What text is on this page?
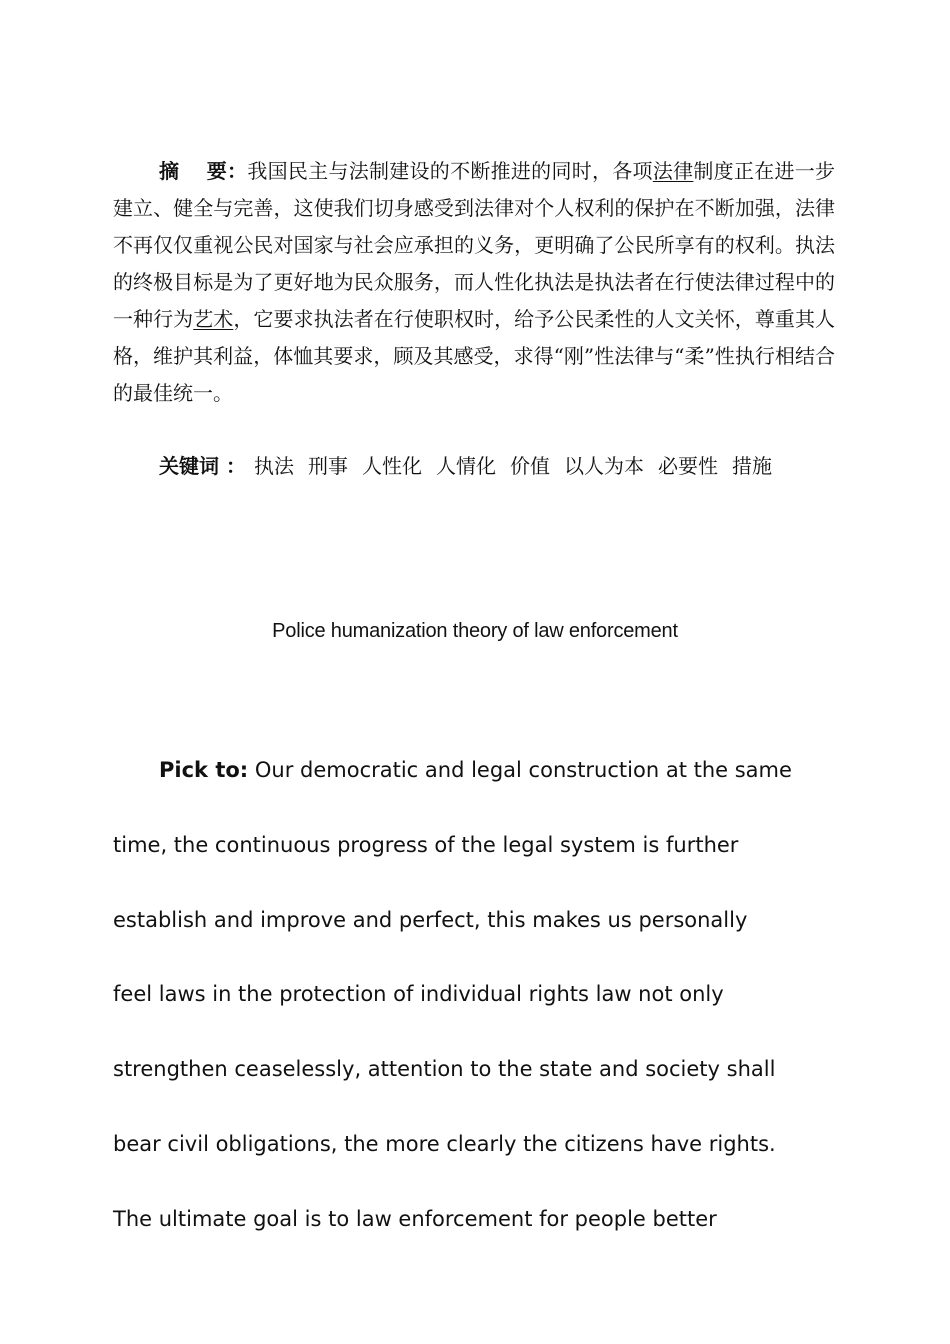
摘　 要：我国民主与法制建设的不断推进的同时，各项法律制度正在进一步建立、健全与完善，这使我们切身感受到法律对个人权利的保护在不断加强，法律不再仅仅重视公民对国家与社会应承担的义务，更明确了公民所享有的权利。执法的终极目标是为了更好地为民众服务，而人性化执法是执法者在行使法律过程中的一种行为艺术，它要求执法者在行使职权时，给予公民柔性的人文关怀，尊重其人格，维护其利益，体恤其要求，顾及其感受，求得“刚”性法律与“柔”性执行相结合的最佳统一。

关键词 ： 执法 刑事 人性化 人情化 价值 以人为本 必要性 措施

Police humanization theory of law enforcement

Pick to: Our democratic and legal construction at the same
time, the continuous progress of the legal system is further
establish and improve and perfect, this makes us personally
feel laws in the protection of individual rights law not only
strengthen ceaselessly, attention to the state and society shall
bear civil obligations, the more clearly the citizens have rights.
The ultimate goal is to law enforcement for people better
